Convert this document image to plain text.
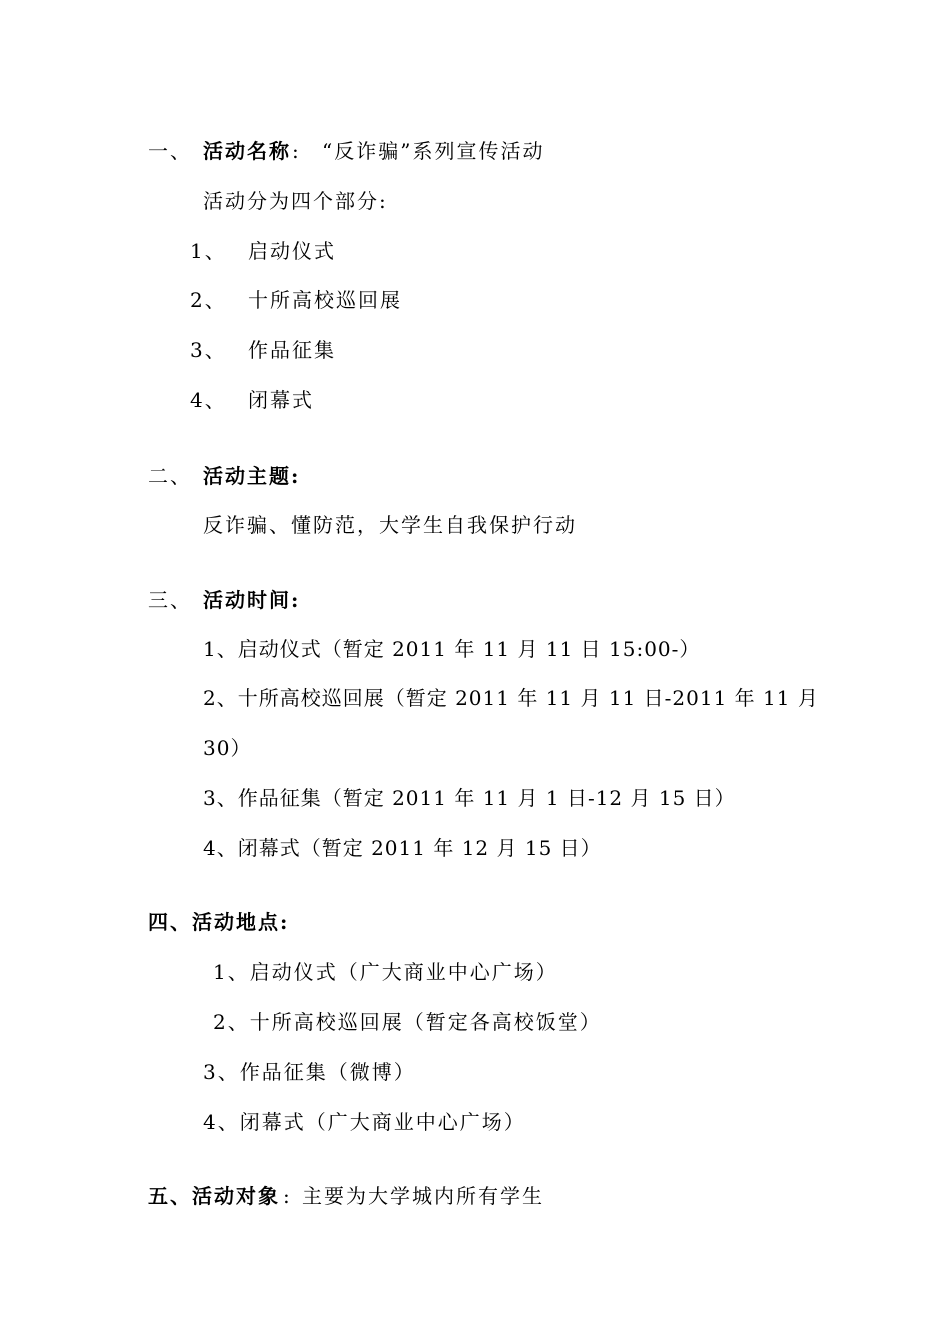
一、 活动名称 : “反诈骗”系列宣传活动
活动分为四个部分:
1、 启动仪式
2、 十所高校巡回展
3、 作品征集
4、 闭幕式
二、 活动主题:
反诈骗、懂防范，大学生自我保护行动
三、 活动时间:
1、启动仪式（暂定 2011 年 11 月 11 日 15:00-）
2、十所高校巡回展（暂定 2011 年 11 月 11 日-2011 年 11 月
30）
3、作品征集（暂定 2011 年 11 月 1 日-12 月 15 日）
4、闭幕式（暂定 2011 年 12 月 15 日）
四、活动地点:
1、启动仪式（广大商业中心广场）
2、十所高校巡回展（暂定各高校饭堂）
3、作品征集（微博）
4、闭幕式（广大商业中心广场）
五、活动对象 : 主要为大学城内所有学生
